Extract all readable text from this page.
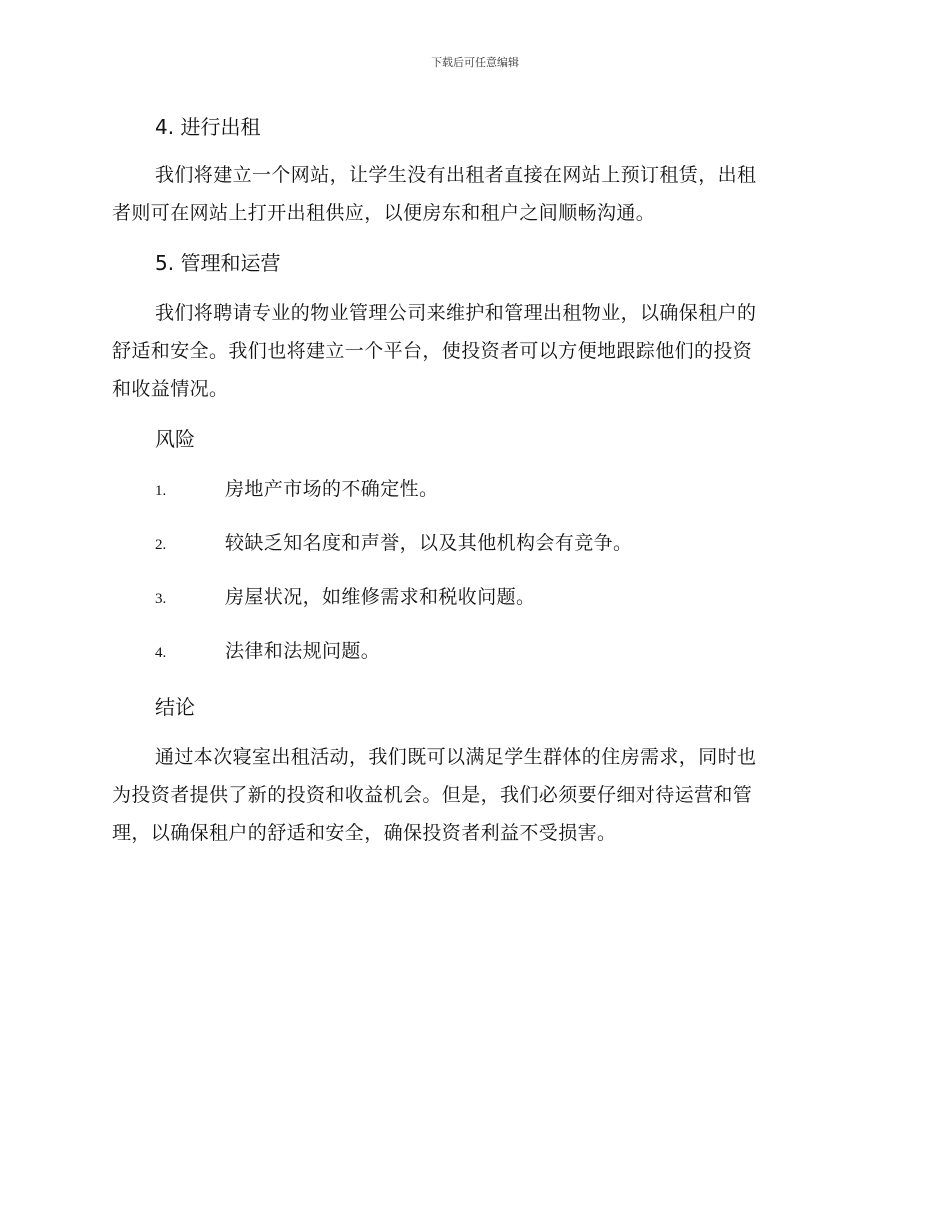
下载后可任意编辑
4. 进行出租

我们将建立一个网站，让学生没有出租者直接在网站上预订租赁，出租

者则可在网站上打开出租供应，以便房东和租户之间顺畅沟通。

5. 管理和运营

我们将聘请专业的物业管理公司来维护和管理出租物业，以确保租户的

舒适和安全。我们也将建立一个平台，使投资者可以方便地跟踪他们的投资

和收益情况。

风险
1.	房地产市场的不确定性。
2.	较缺乏知名度和声誉，以及其他机构会有竞争。
3.	房屋状况，如维修需求和税收问题。
4.	法律和法规问题。
结论

通过本次寝室出租活动，我们既可以满足学生群体的住房需求，同时也

为投资者提供了新的投资和收益机会。但是，我们必须要仔细对待运营和管

理，以确保租户的舒适和安全，确保投资者利益不受损害。
